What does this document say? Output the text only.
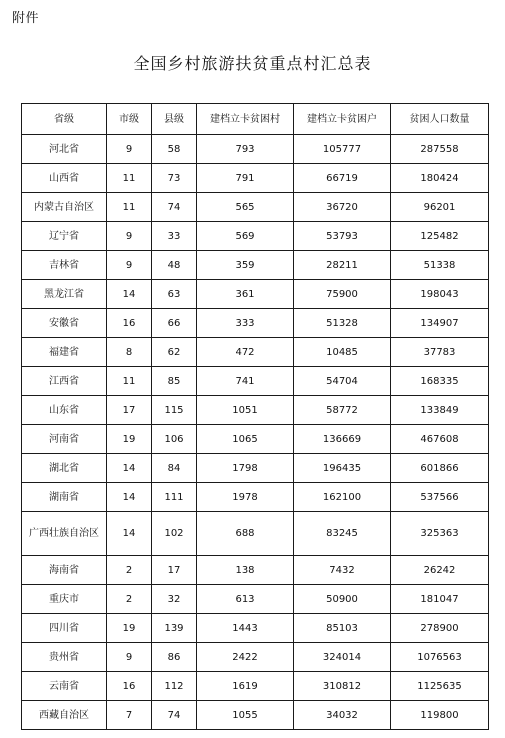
附件
全国乡村旅游扶贫重点村汇总表
省级	市级	县级	建档立卡贫困村	建档立卡贫困户	贫困人口数量
河北省	9	58	793	105777	287558
山西省	11	73	791	66719	180424
内蒙古自治区	11	74	565	36720	96201
辽宁省	9	33	569	53793	125482
吉林省	9	48	359	28211	51338
黑龙江省	14	63	361	75900	198043
安徽省	16	66	333	51328	134907
福建省	8	62	472	10485	37783
江西省	11	85	741	54704	168335
山东省	17	115	1051	58772	133849
河南省	19	106	1065	136669	467608
湖北省	14	84	1798	196435	601866
湖南省	14	111	1978	162100	537566
广西壮族自治区	14	102	688	83245	325363
海南省	2	17	138	7432	26242
重庆市	2	32	613	50900	181047
四川省	19	139	1443	85103	278900
贵州省	9	86	2422	324014	1076563
云南省	16	112	1619	310812	1125635
西藏自治区	7	74	1055	34032	119800
